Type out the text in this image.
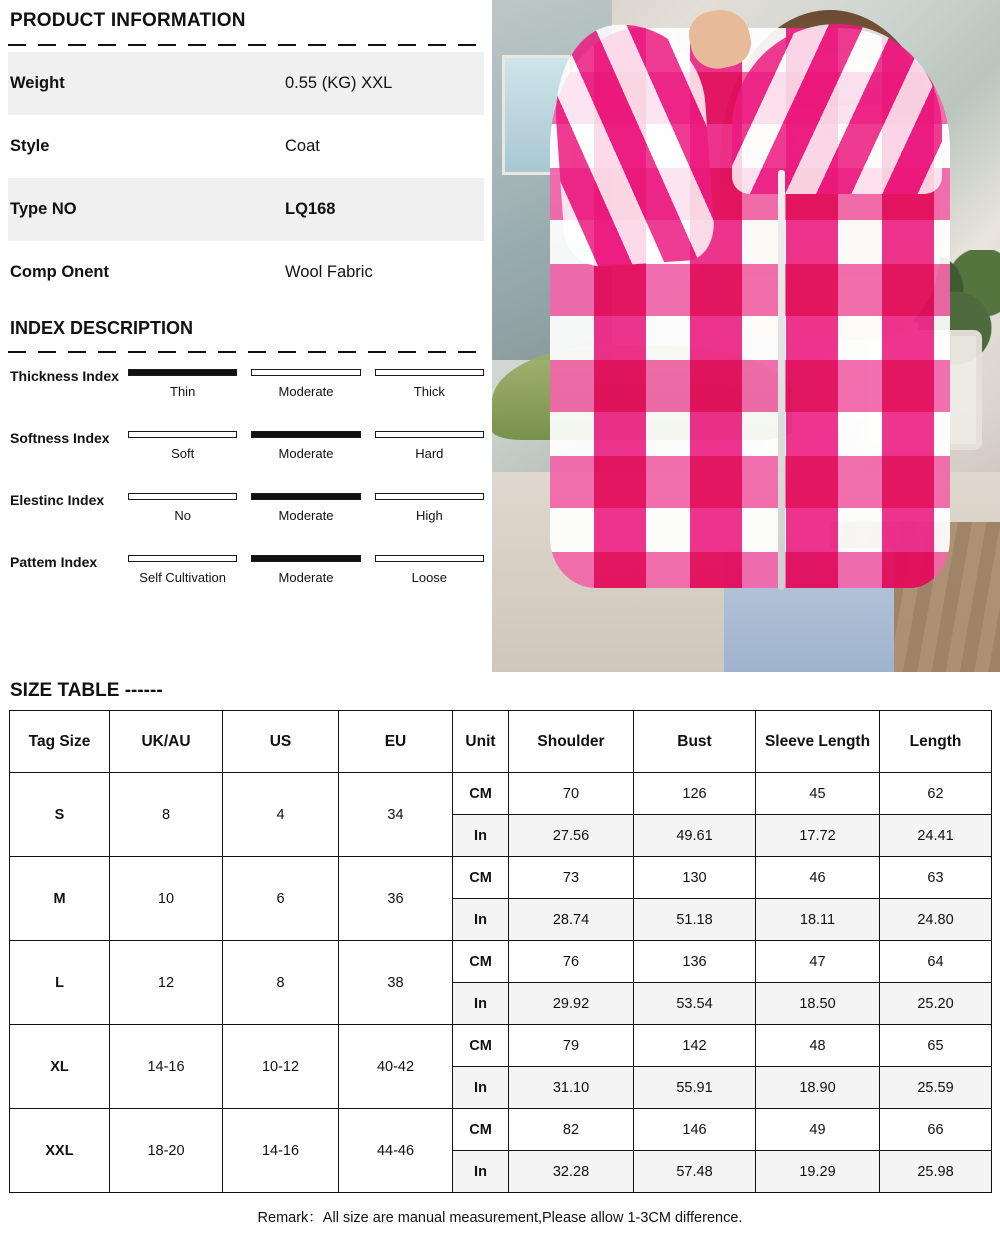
PRODUCT INFORMATION
Weight	0.55 (KG) XXL
Style	Coat
Type NO	LQ168
Comp Onent	Wool Fabric
INDEX DESCRIPTION
Thickness Index
Thin	Moderate	Thick
Softness Index
Soft	Moderate	Hard
Elestinc Index
No	Moderate	High
Pattem Index
Self Cultivation	Moderate	Loose
SIZE TABLE ------
Tag Size	UK/AU	US	EU	Unit	Shoulder	Bust	Sleeve Length	Length
S	8	4	34	CM	70	126	45	62
				In	27.56	49.61	17.72	24.41
M	10	6	36	CM	73	130	46	63
				In	28.74	51.18	18.11	24.80
L	12	8	38	CM	76	136	47	64
				In	29.92	53.54	18.50	25.20
XL	14-16	10-12	40-42	CM	79	142	48	65
				In	31.10	55.91	18.90	25.59
XXL	18-20	14-16	44-46	CM	82	146	49	66
				In	32.28	57.48	19.29	25.98
Remark：All size are manual measurement,Please allow 1-3CM difference.
